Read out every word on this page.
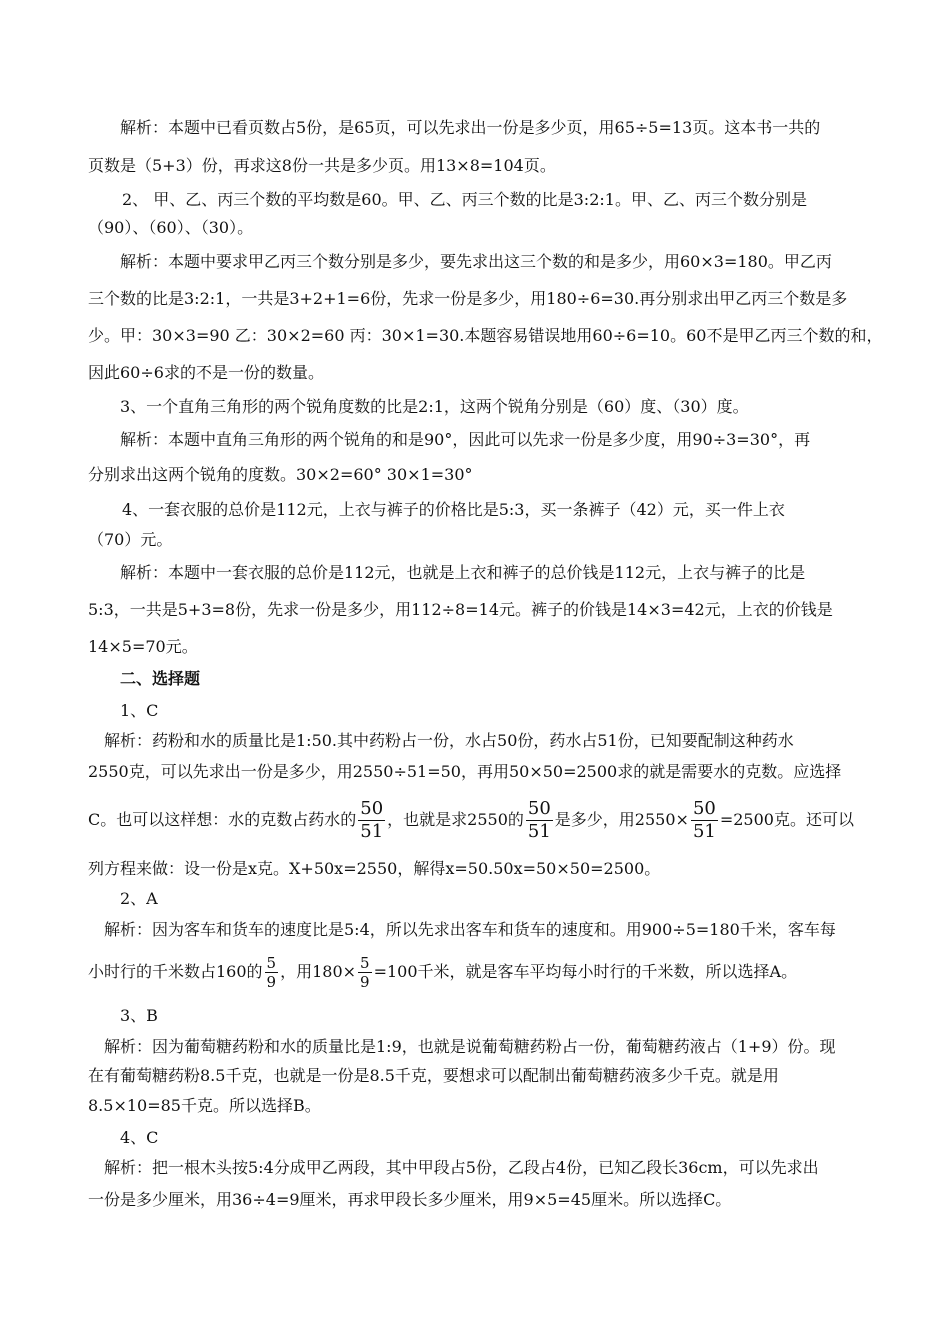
解析：本题中已看页数占5份，是65页，可以先求出一份是多少页，用65÷5=13页。这本书一共的
页数是（5+3）份，再求这8份一共是多少页。用13×8=104页。
2、 甲、乙、丙三个数的平均数是60。甲、乙、丙三个数的比是3:2:1。甲、乙、丙三个数分别是
（90）、（60）、（30）。
解析：本题中要求甲乙丙三个数分别是多少，要先求出这三个数的和是多少，用60×3=180。甲乙丙
三个数的比是3:2:1，一共是3+2+1=6份，先求一份是多少，用180÷6=30.再分别求出甲乙丙三个数是多
少。甲：30×3=90 乙：30×2=60 丙：30×1=30.本题容易错误地用60÷6=10。60不是甲乙丙三个数的和，
因此60÷6求的不是一份的数量。
3、一个直角三角形的两个锐角度数的比是2:1，这两个锐角分别是（60）度、（30）度。
解析：本题中直角三角形的两个锐角的和是90°，因此可以先求一份是多少度，用90÷3=30°，再
分别求出这两个锐角的度数。30×2=60° 30×1=30°
4、一套衣服的总价是112元，上衣与裤子的价格比是5:3，买一条裤子（42）元，买一件上衣
（70）元。
解析：本题中一套衣服的总价是112元，也就是上衣和裤子的总价钱是112元，上衣与裤子的比是
5:3，一共是5+3=8份，先求一份是多少，用112÷8=14元。裤子的价钱是14×3=42元，上衣的价钱是
14×5=70元。
二、选择题
1、C
解析：药粉和水的质量比是1:50.其中药粉占一份，水占50份，药水占51份，已知要配制这种药水
2550克，可以先求出一份是多少，用2550÷51=50，再用50×50=2500求的就是需要水的克数。应选择
C。也可以这样想：水的克数占药水的 $\frac{50}{51}$ ，也就是求2550的 $\frac{50}{51}$ 是多少，用$2550\times \frac{50}{51} =2500$克。还可以
列方程来做：设一份是x克。X+50x=2550，解得x=50.50x=50×50=2500。
2、A
解析：因为客车和货车的速度比是5:4，所以先求出客车和货车的速度和。用900÷5=180千米，客车每
小时行的千米数占160的 $\frac{5}{9}$ ，用$180\times \frac{5}{9} =100$千米，就是客车平均每小时行的千米数，所以选择A。
3、B
解析：因为葡萄糖药粉和水的质量比是1:9，也就是说葡萄糖药粉占一份，葡萄糖药液占（1+9）份。现
在有葡萄糖药粉8.5千克，也就是一份是8.5千克，要想求可以配制出葡萄糖药液多少千克。就是用
8.5×10=85千克。所以选择B。
4、C
解析：把一根木头按5:4分成甲乙两段，其中甲段占5份，乙段占4份，已知乙段长36cm，可以先求出
一份是多少厘米，用36÷4=9厘米，再求甲段长多少厘米，用9×5=45厘米。所以选择C。
